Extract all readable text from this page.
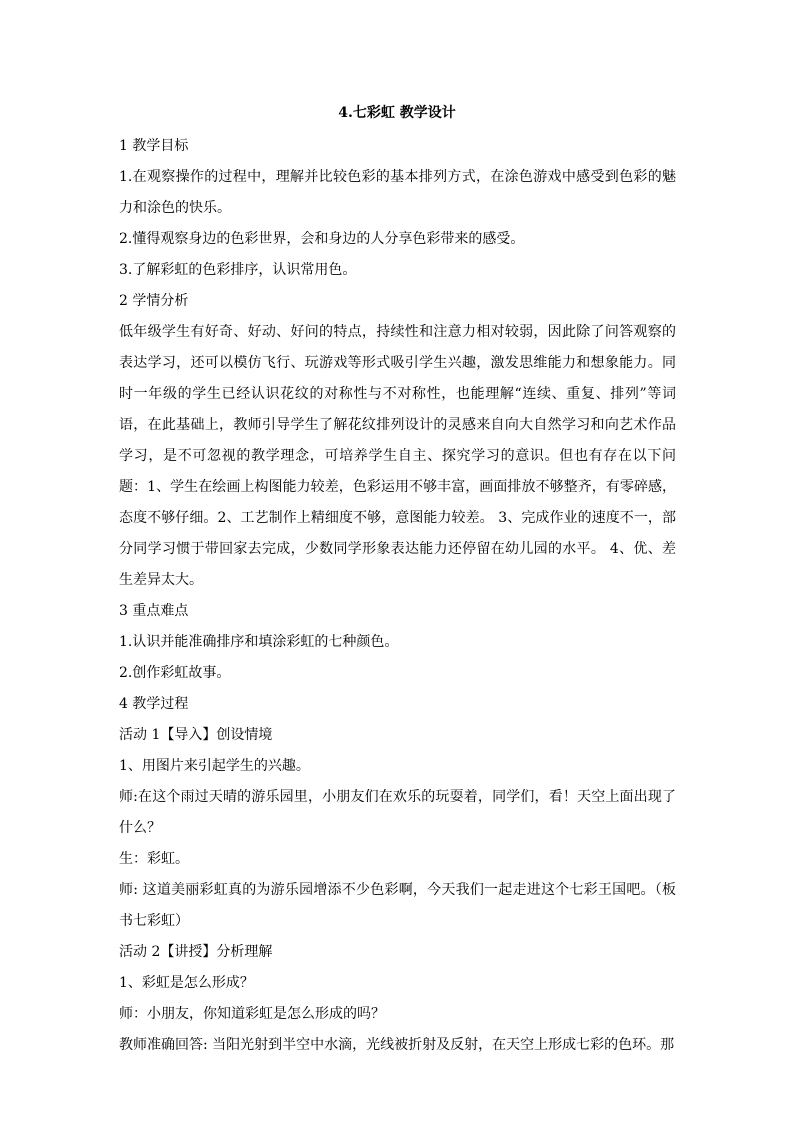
4.七彩虹 教学设计

1 教学目标

1.在观察操作的过程中，理解并比较色彩的基本排列方式，在涂色游戏中感受到色彩的魅力和涂色的快乐。

2.懂得观察身边的色彩世界，会和身边的人分享色彩带来的感受。

3.了解彩虹的色彩排序，认识常用色。

2 学情分析

低年级学生有好奇、好动、好问的特点，持续性和注意力相对较弱，因此除了问答观察的表达学习，还可以模仿飞行、玩游戏等形式吸引学生兴趣，激发思维能力和想象能力。同时一年级的学生已经认识花纹的对称性与不对称性，也能理解“连续、重复、排列”等词语，在此基础上，教师引导学生了解花纹排列设计的灵感来自向大自然学习和向艺术作品学习，是不可忽视的教学理念，可培养学生自主、探究学习的意识。但也有存在以下问题：1、学生在绘画上构图能力较差，色彩运用不够丰富，画面排放不够整齐，有零碎感，态度不够仔细。2、工艺制作上精细度不够，意图能力较差。 3、完成作业的速度不一，部分同学习惯于带回家去完成，少数同学形象表达能力还停留在幼儿园的水平。 4、优、差生差异太大。

3 重点难点

1.认识并能准确排序和填涂彩虹的七种颜色。

2.创作彩虹故事。

4 教学过程

活动 1【导入】创设情境

1、用图片来引起学生的兴趣。

师:在这个雨过天晴的游乐园里，小朋友们在欢乐的玩耍着，同学们，看！天空上面出现了什么？

生：彩虹。

师: 这道美丽彩虹真的为游乐园增添不少色彩啊，今天我们一起走进这个七彩王国吧。（板书七彩虹）

活动 2【讲授】分析理解

1、彩虹是怎么形成？

师：小朋友，你知道彩虹是怎么形成的吗？

教师准确回答: 当阳光射到半空中水滴，光线被折射及反射，在天空上形成七彩的色环。那
